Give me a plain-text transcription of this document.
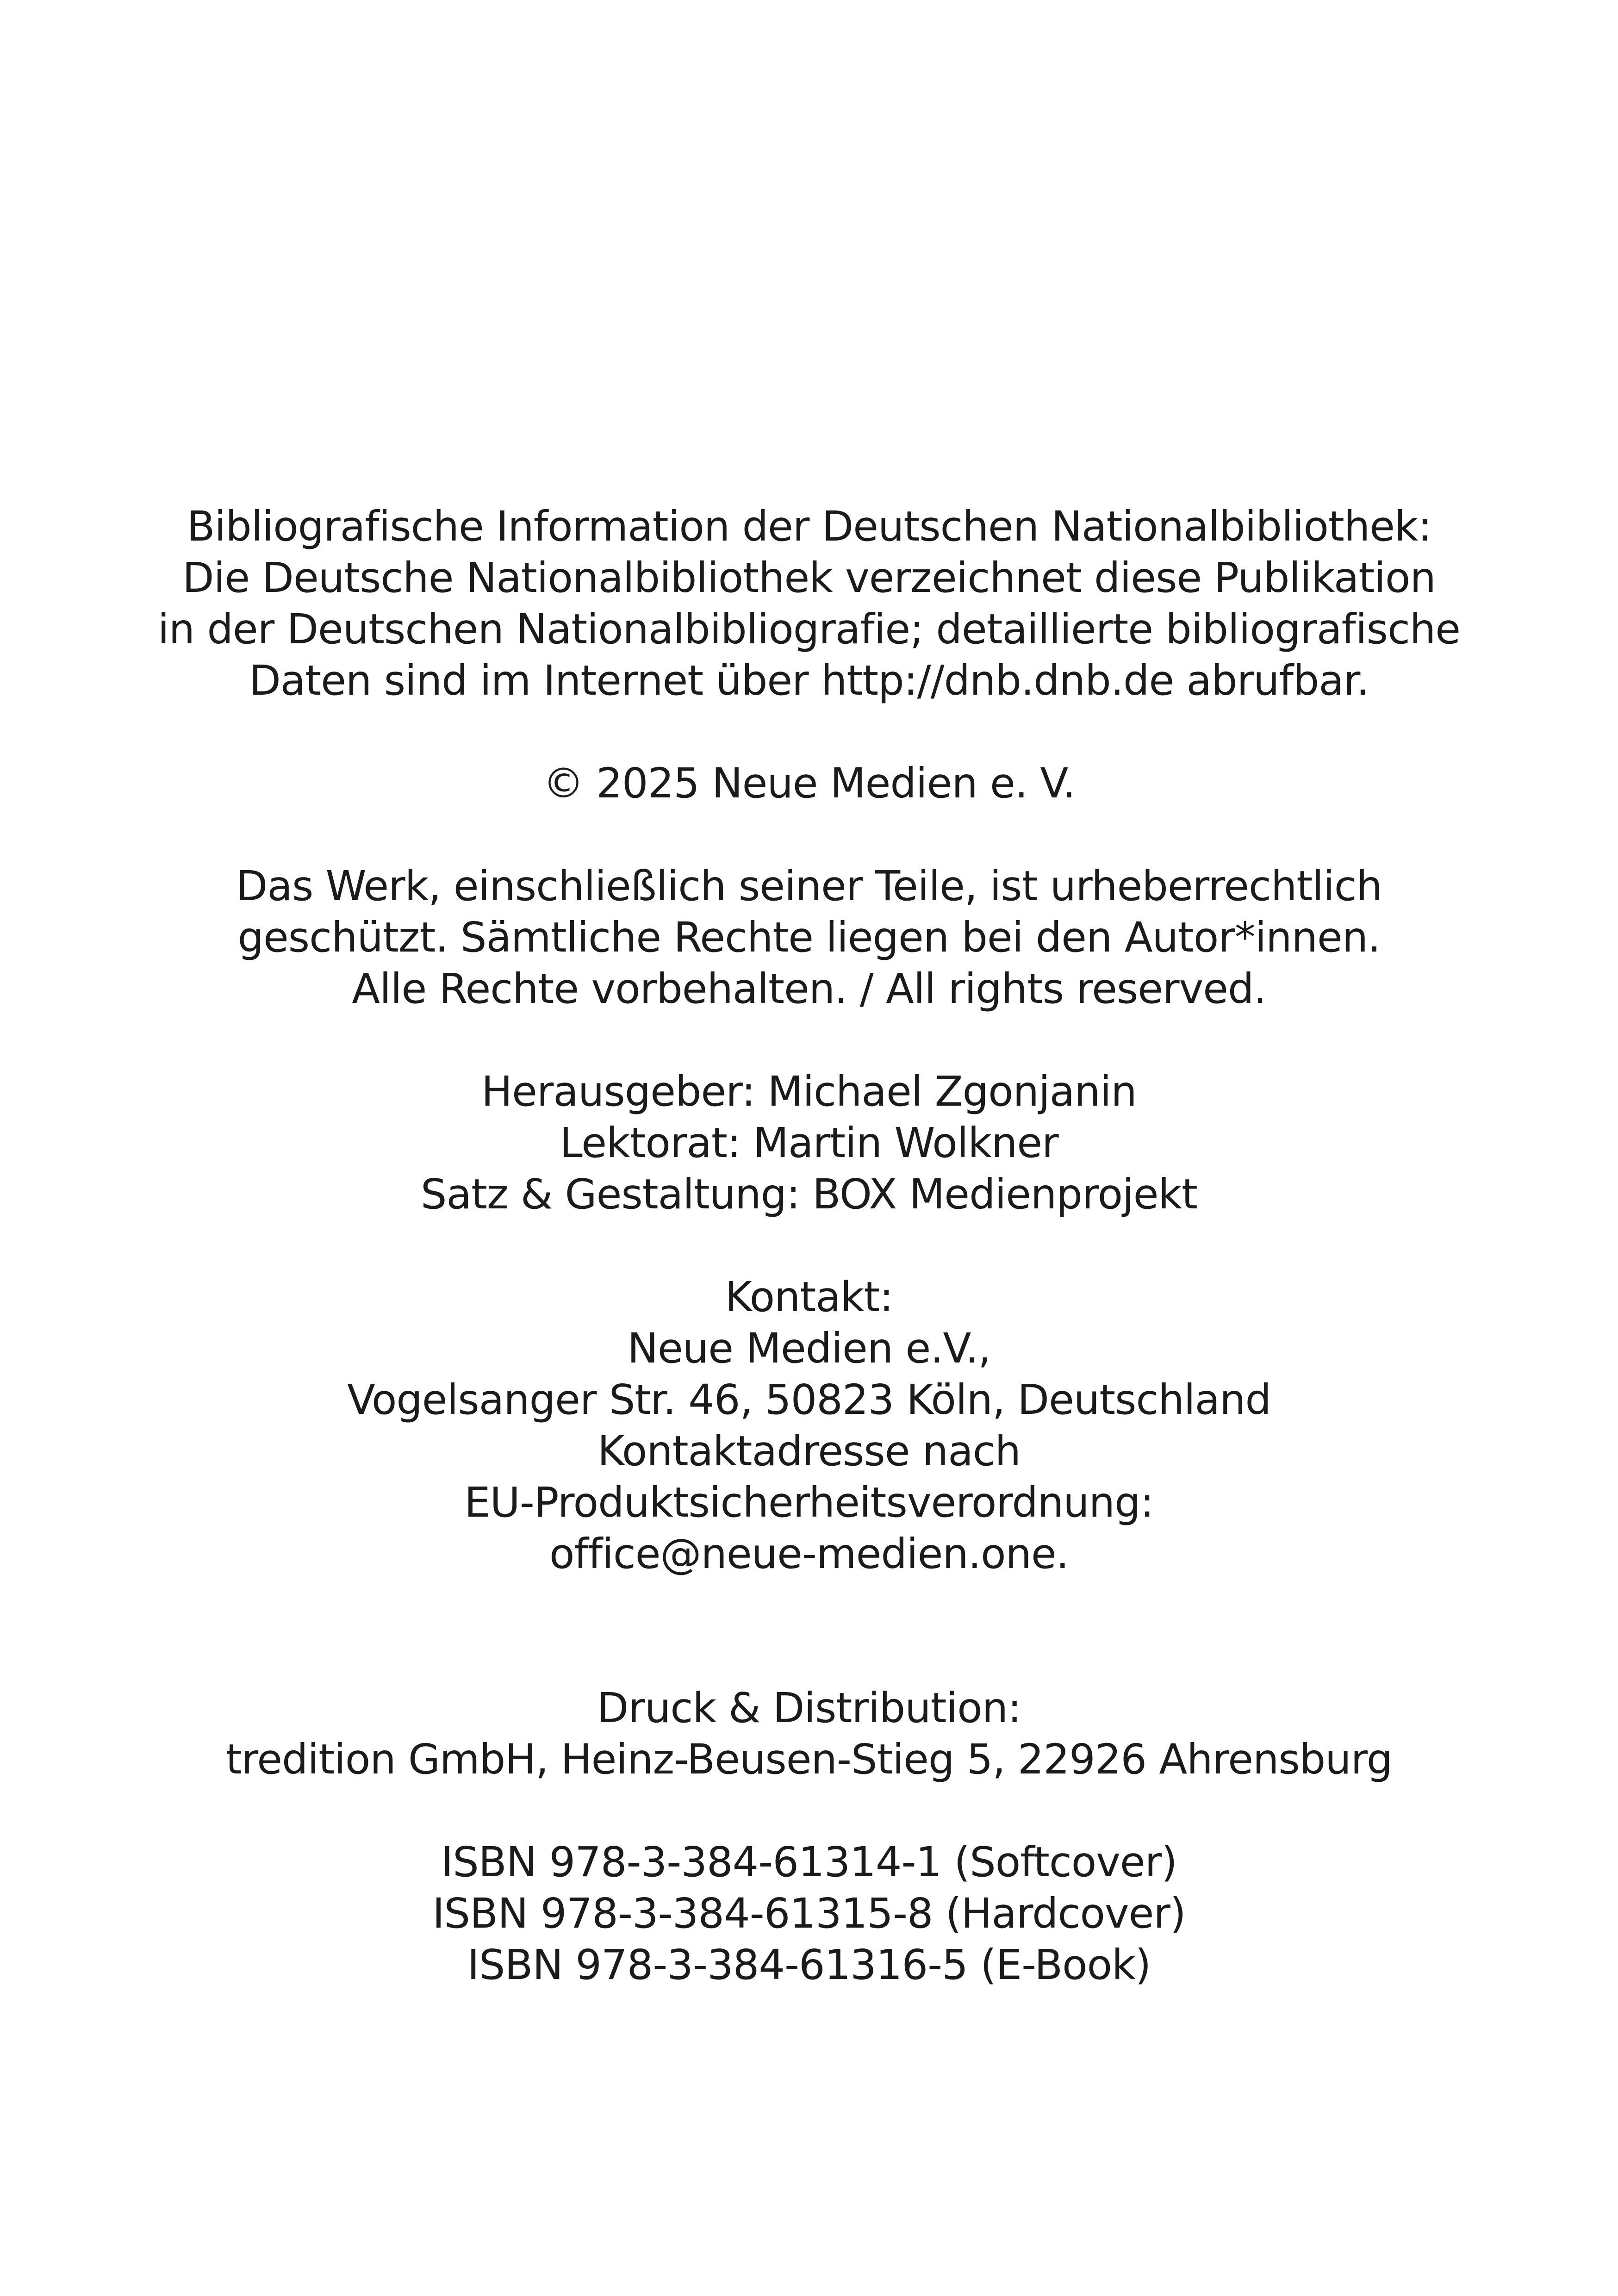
Bibliografische Information der Deutschen Nationalbibliothek:
Die Deutsche Nationalbibliothek verzeichnet diese Publikation
in der Deutschen Nationalbibliografie; detaillierte bibliografische
Daten sind im Internet über http://dnb.dnb.de abrufbar.
© 2025 Neue Medien e. V.
Das Werk, einschließlich seiner Teile, ist urheberrechtlich
geschützt. Sämtliche Rechte liegen bei den Autor*innen.
Alle Rechte vorbehalten. / All rights reserved.
Herausgeber: Michael Zgonjanin
Lektorat: Martin Wolkner
Satz & Gestaltung: BOX Medienprojekt
Kontakt:
Neue Medien e.V.,
Vogelsanger Str. 46, 50823 Köln, Deutschland
Kontaktadresse nach
EU-Produktsicherheitsverordnung:
office@neue-medien.one.
Druck & Distribution:
tredition GmbH, Heinz-Beusen-Stieg 5, 22926 Ahrensburg
ISBN 978-3-384-61314-1 (Softcover)
ISBN 978-3-384-61315-8 (Hardcover)
ISBN 978-3-384-61316-5 (E-Book)
